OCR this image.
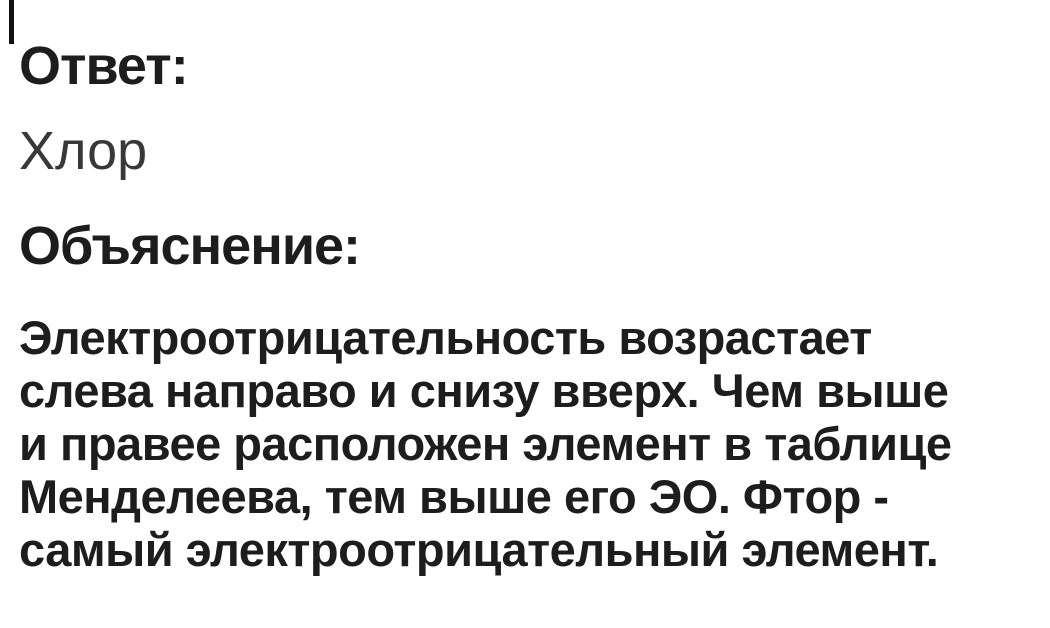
Ответ:

Хлор

Объяснение:
Электроотрицательность возрастает
слева направо и снизу вверх. Чем выше
и правее расположен элемент в таблице
Менделеева, тем выше его ЭО. Фтор -
самый электроотрицательный элемент.
